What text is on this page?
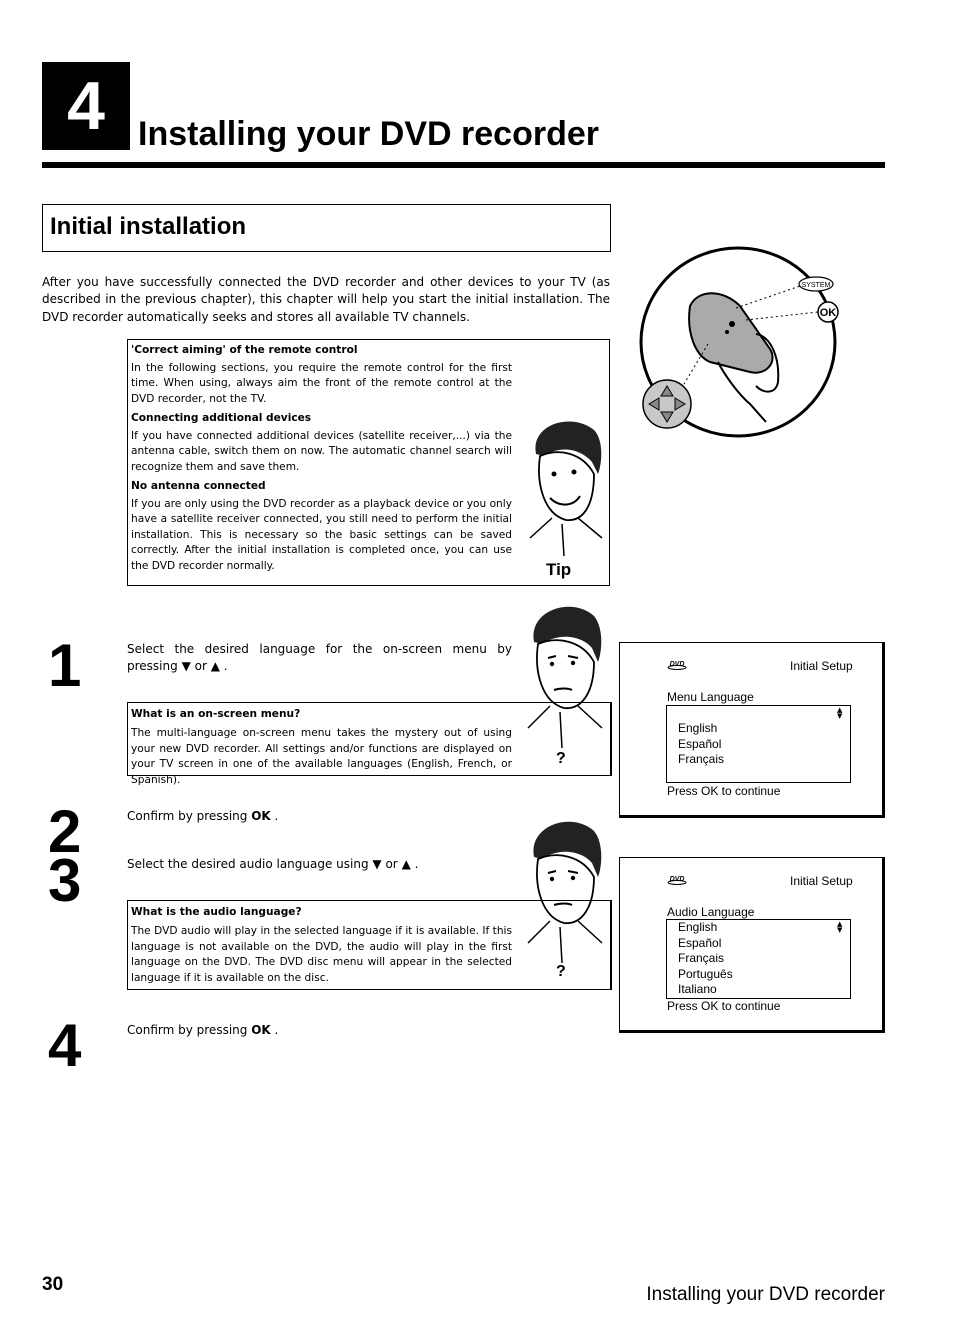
4 Installing your DVD recorder
Initial installation
After you have successfully connected the DVD recorder and other devices to your TV (as described in the previous chapter), this chapter will help you start the initial installation. The DVD recorder automatically seeks and stores all available TV channels.
SYSTEM
OK
'Correct aiming' of the remote control

In the following sections, you require the remote control for the first time. When using, always aim the front of the remote control at the DVD recorder, not the TV.

Connecting additional devices

If you have connected additional devices (satellite receiver,...) via the antenna cable, switch them on now. The automatic channel search will recognize them and save them.

No antenna connected

If you are only using the DVD recorder as a playback device or you only have a satellite receiver connected, you still need to perform the initial installation. This is necessary so the basic settings can be saved correctly. After the initial installation is completed once, you can use the DVD recorder normally.	Tip
1	Select the desired language for the on-screen menu by pressing ▼ or ▲ .
What is an on-screen menu?
The multi-language on-screen menu takes the mystery out of using your new DVD recorder. All settings and/or functions are displayed on your TV screen in one of the available languages (English, French, or Spanish).
?
DVD	Initial Setup
Menu Language
▲
▼
English
Español
Français
Press OK to continue
2	Confirm by pressing OK .
3	Select the desired audio language using ▼ or ▲ .
What is the audio language?
The DVD audio will play in the selected language if it is available. If this language is not available on the DVD, the audio will play in the first language on the DVD. The DVD disc menu will appear in the selected language if it is available on the disc.	?
DVD	Initial Setup
Audio Language
▲
▼
English
Español
Français
Português
Italiano
Press OK to continue
4	Confirm by pressing OK .
30	Installing your DVD recorder
